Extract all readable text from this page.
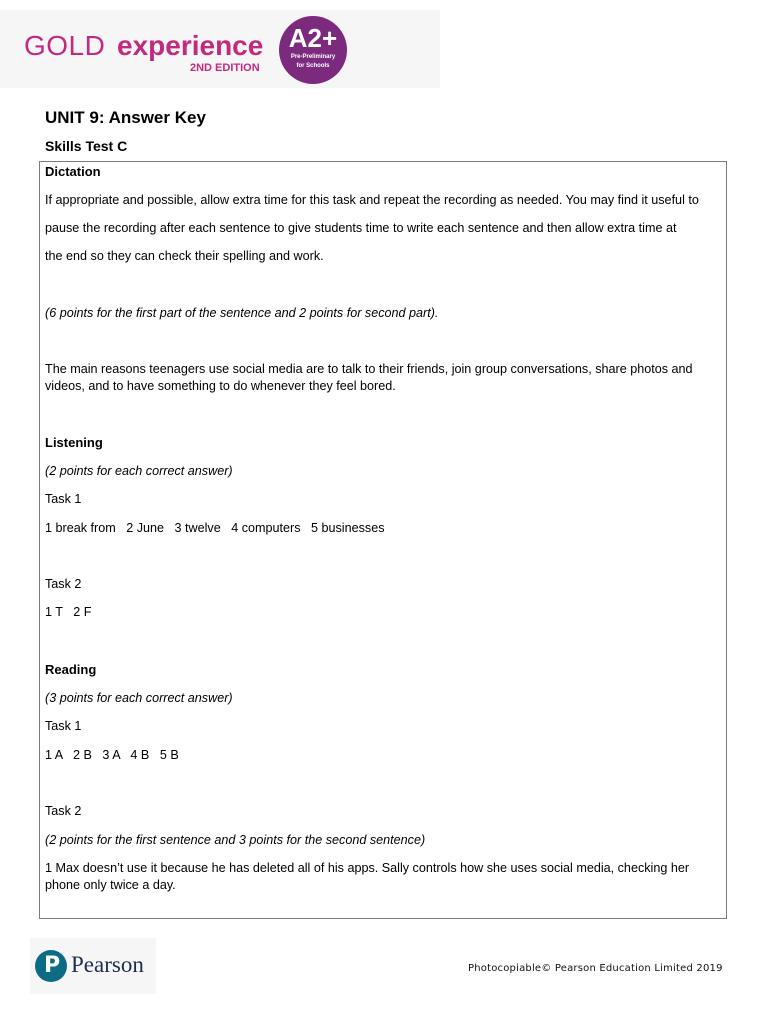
GOLD experience
2ND EDITION
A2+
Pre-Preliminary
for Schools
UNIT 9: Answer Key
Skills Test C
Dictation
If appropriate and possible, allow extra time for this task and repeat the recording as needed. You may find it useful to
pause the recording after each sentence to give students time to write each sentence and then allow extra time at
the end so they can check their spelling and work.
(6 points for the first part of the sentence and 2 points for second part).
The main reasons teenagers use social media are to talk to their friends, join group conversations, share photos and videos, and to have something to do whenever they feel bored.
Listening
(2 points for each correct answer)
Task 1
1 break from   2 June   3 twelve   4 computers   5 businesses
Task 2
1 T   2 F
Reading
(3 points for each correct answer)
Task 1
1 A   2 B   3 A   4 B   5 B
Task 2
(2 points for the first sentence and 3 points for the second sentence)
1 Max doesn’t use it because he has deleted all of his apps. Sally controls how she uses social media, checking her phone only twice a day.
P Pearson	Photocopiable© Pearson Education Limited 2019
